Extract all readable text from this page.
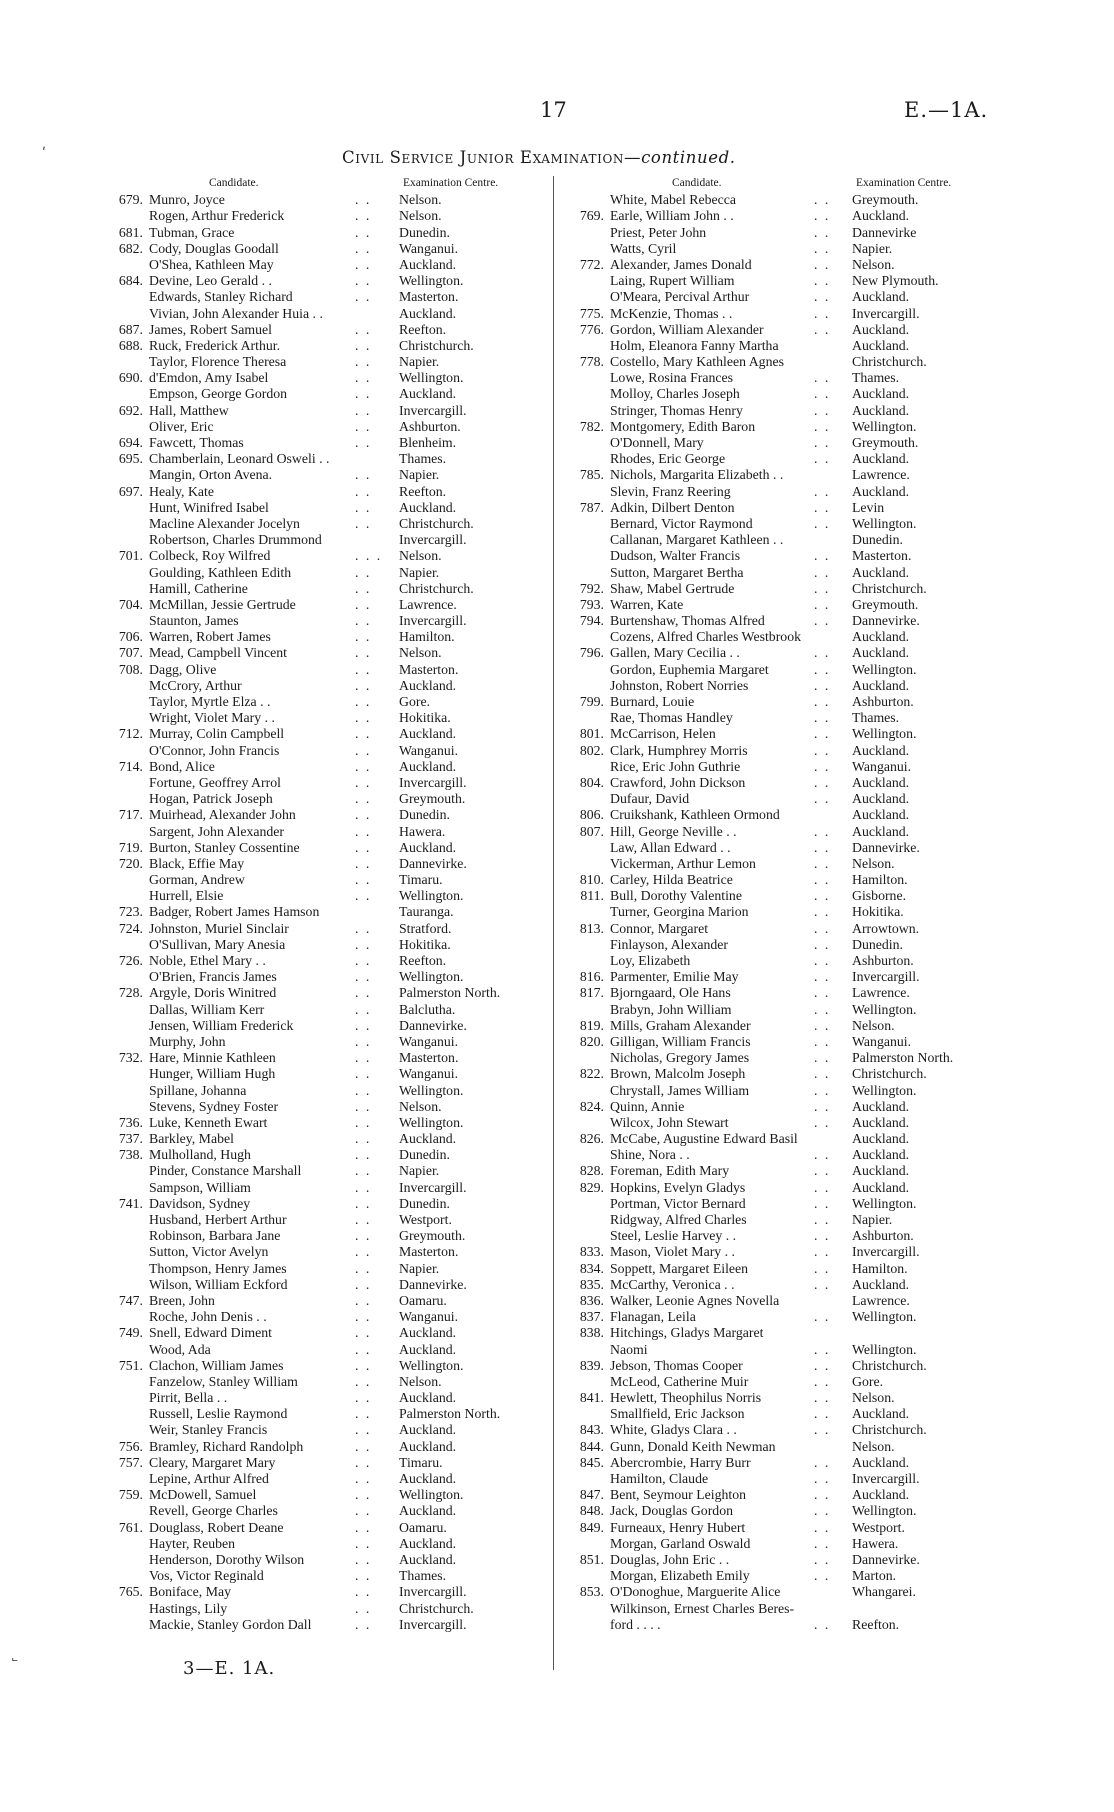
17	E.—1A.
Civil Service Junior Examination—continued.
ʹ
˾
Candidate.	Examination Centre.
679. Munro, Joyce	. .	Nelson.
Rogen, Arthur Frederick	. .	Nelson.
681. Tubman, Grace	. .	Dunedin.
682. Cody, Douglas Goodall	. .	Wanganui.
O'Shea, Kathleen May	. .	Auckland.
684. Devine, Leo Gerald . .	. .	Wellington.
Edwards, Stanley Richard	. .	Masterton.
Vivian, John Alexander Huia . .	Auckland.
687. James, Robert Samuel	. .	Reefton.
688. Ruck, Frederick Arthur.	. .	Christchurch.
Taylor, Florence Theresa	. .	Napier.
690. d'Emdon, Amy Isabel	. .	Wellington.
Empson, George Gordon	. .	Auckland.
692. Hall, Matthew	. .	Invercargill.
Oliver, Eric	. .	Ashburton.
694. Fawcett, Thomas	. .	Blenheim.
695. Chamberlain, Leonard Osweli . .	Thames.
Mangin, Orton Avena.	. .	Napier.
697. Healy, Kate	. .	Reefton.
Hunt, Winifred Isabel	. .	Auckland.
Macline Alexander Jocelyn	. .	Christchurch.
Robertson, Charles Drummond	Invercargill.
701. Colbeck, Roy Wilfred	. . .	Nelson.
Goulding, Kathleen Edith	. .	Napier.
Hamill, Catherine	. .	Christchurch.
704. McMillan, Jessie Gertrude	. .	Lawrence.
Staunton, James	. .	Invercargill.
706. Warren, Robert James	. .	Hamilton.
707. Mead, Campbell Vincent	. .	Nelson.
708. Dagg, Olive	. .	Masterton.
McCrory, Arthur	. .	Auckland.
Taylor, Myrtle Elza . .	. .	Gore.
Wright, Violet Mary . .	. .	Hokitika.
712. Murray, Colin Campbell	. .	Auckland.
O'Connor, John Francis	. .	Wanganui.
714. Bond, Alice	. .	Auckland.
Fortune, Geoffrey Arrol	. .	Invercargill.
Hogan, Patrick Joseph	. .	Greymouth.
717. Muirhead, Alexander John	. .	Dunedin.
Sargent, John Alexander	. .	Hawera.
719. Burton, Stanley Cossentine	. .	Auckland.
720. Black, Effie May	. .	Dannevirke.
Gorman, Andrew	. .	Timaru.
Hurrell, Elsie	. .	Wellington.
723. Badger, Robert James Hamson	Tauranga.
724. Johnston, Muriel Sinclair	. .	Stratford.
O'Sullivan, Mary Anesia	. .	Hokitika.
726. Noble, Ethel Mary . .	. .	Reefton.
O'Brien, Francis James	. .	Wellington.
728. Argyle, Doris Winitred	. .	Palmerston North.
Dallas, William Kerr	. .	Balclutha.
Jensen, William Frederick	. .	Dannevirke.
Murphy, John	. .	Wanganui.
732. Hare, Minnie Kathleen	. .	Masterton.
Hunger, William Hugh	. .	Wanganui.
Spillane, Johanna	. .	Wellington.
Stevens, Sydney Foster	. .	Nelson.
736. Luke, Kenneth Ewart	. .	Wellington.
737. Barkley, Mabel	. .	Auckland.
738. Mulholland, Hugh	. .	Dunedin.
Pinder, Constance Marshall	. .	Napier.
Sampson, William	. .	Invercargill.
741. Davidson, Sydney	. .	Dunedin.
Husband, Herbert Arthur	. .	Westport.
Robinson, Barbara Jane	. .	Greymouth.
Sutton, Victor Avelyn	. .	Masterton.
Thompson, Henry James	. .	Napier.
Wilson, William Eckford	. .	Dannevirke.
747. Breen, John	. .	Oamaru.
Roche, John Denis . .	. .	Wanganui.
749. Snell, Edward Diment	. .	Auckland.
Wood, Ada	. .	Auckland.
751. Clachon, William James	. .	Wellington.
Fanzelow, Stanley William	. .	Nelson.
Pirrit, Bella . .	. .	Auckland.
Russell, Leslie Raymond	. .	Palmerston North.
Weir, Stanley Francis	. .	Auckland.
756. Bramley, Richard Randolph	. .	Auckland.
757. Cleary, Margaret Mary	. .	Timaru.
Lepine, Arthur Alfred	. .	Auckland.
759. McDowell, Samuel	. .	Wellington.
Revell, George Charles	. .	Auckland.
761. Douglass, Robert Deane	. .	Oamaru.
Hayter, Reuben	. .	Auckland.
Henderson, Dorothy Wilson	. .	Auckland.
Vos, Victor Reginald	. .	Thames.
765. Boniface, May	. .	Invercargill.
Hastings, Lily	. .	Christchurch.
Mackie, Stanley Gordon Dall	. .	Invercargill.
Candidate.	Examination Centre.
White, Mabel Rebecca	. .	Greymouth.
769. Earle, William John . .	. .	Auckland.
Priest, Peter John	. .	Dannevirke
Watts, Cyril	. .	Napier.
772. Alexander, James Donald	. .	Nelson.
Laing, Rupert William	. .	New Plymouth.
O'Meara, Percival Arthur	. .	Auckland.
775. McKenzie, Thomas . .	. .	Invercargill.
776. Gordon, William Alexander	. .	Auckland.
Holm, Eleanora Fanny Martha	Auckland.
778. Costello, Mary Kathleen Agnes	Christchurch.
Lowe, Rosina Frances	. .	Thames.
Molloy, Charles Joseph	. .	Auckland.
Stringer, Thomas Henry	. .	Auckland.
782. Montgomery, Edith Baron	. .	Wellington.
O'Donnell, Mary	. .	Greymouth.
Rhodes, Eric George	. .	Auckland.
785. Nichols, Margarita Elizabeth . .	Lawrence.
Slevin, Franz Reering	. .	Auckland.
787. Adkin, Dilbert Denton	. .	Levin
Bernard, Victor Raymond	. .	Wellington.
Callanan, Margaret Kathleen . .	Dunedin.
Dudson, Walter Francis	. .	Masterton.
Sutton, Margaret Bertha	. .	Auckland.
792. Shaw, Mabel Gertrude	. .	Christchurch.
793. Warren, Kate	. .	Greymouth.
794. Burtenshaw, Thomas Alfred	. .	Dannevirke.
Cozens, Alfred Charles Westbrook	Auckland.
796. Gallen, Mary Cecilia . .	. .	Auckland.
Gordon, Euphemia Margaret	. .	Wellington.
Johnston, Robert Norries	. .	Auckland.
799. Burnard, Louie	. .	Ashburton.
Rae, Thomas Handley	. .	Thames.
801. McCarrison, Helen	. .	Wellington.
802. Clark, Humphrey Morris	. .	Auckland.
Rice, Eric John Guthrie	. .	Wanganui.
804. Crawford, John Dickson	. .	Auckland.
Dufaur, David	. .	Auckland.
806. Cruikshank, Kathleen Ormond	Auckland.
807. Hill, George Neville . .	. .	Auckland.
Law, Allan Edward . .	. .	Dannevirke.
Vickerman, Arthur Lemon	. .	Nelson.
810. Carley, Hilda Beatrice	. .	Hamilton.
811. Bull, Dorothy Valentine	. .	Gisborne.
Turner, Georgina Marion	. .	Hokitika.
813. Connor, Margaret	. .	Arrowtown.
Finlayson, Alexander	. .	Dunedin.
Loy, Elizabeth	. .	Ashburton.
816. Parmenter, Emilie May	. .	Invercargill.
817. Bjorngaard, Ole Hans	. .	Lawrence.
Brabyn, John William	. .	Wellington.
819. Mills, Graham Alexander	. .	Nelson.
820. Gilligan, William Francis	. .	Wanganui.
Nicholas, Gregory James	. .	Palmerston North.
822. Brown, Malcolm Joseph	. .	Christchurch.
Chrystall, James William	. .	Wellington.
824. Quinn, Annie	. .	Auckland.
Wilcox, John Stewart	. .	Auckland.
826. McCabe, Augustine Edward Basil	Auckland.
Shine, Nora . .	. .	Auckland.
828. Foreman, Edith Mary	. .	Auckland.
829. Hopkins, Evelyn Gladys	. .	Auckland.
Portman, Victor Bernard	. .	Wellington.
Ridgway, Alfred Charles	. .	Napier.
Steel, Leslie Harvey . .	. .	Ashburton.
833. Mason, Violet Mary . .	. .	Invercargill.
834. Soppett, Margaret Eileen	. .	Hamilton.
835. McCarthy, Veronica . .	. .	Auckland.
836. Walker, Leonie Agnes Novella	Lawrence.
837. Flanagan, Leila	. .	Wellington.
838. Hitchings, Gladys Margaret
Naomi	. .	Wellington.
839. Jebson, Thomas Cooper	. .	Christchurch.
McLeod, Catherine Muir	. .	Gore.
841. Hewlett, Theophilus Norris	. .	Nelson.
Smallfield, Eric Jackson	. .	Auckland.
843. White, Gladys Clara . .	. .	Christchurch.
844. Gunn, Donald Keith Newman	Nelson.
845. Abercrombie, Harry Burr	. .	Auckland.
Hamilton, Claude	. .	Invercargill.
847. Bent, Seymour Leighton	. .	Auckland.
848. Jack, Douglas Gordon	. .	Wellington.
849. Furneaux, Henry Hubert	. .	Westport.
Morgan, Garland Oswald	. .	Hawera.
851. Douglas, John Eric . .	. .	Dannevirke.
Morgan, Elizabeth Emily	. .	Marton.
853. O'Donoghue, Marguerite Alice	Whangarei.
Wilkinson, Ernest Charles Beres-
ford . . . .	. .	Reefton.
3—E. 1A.
